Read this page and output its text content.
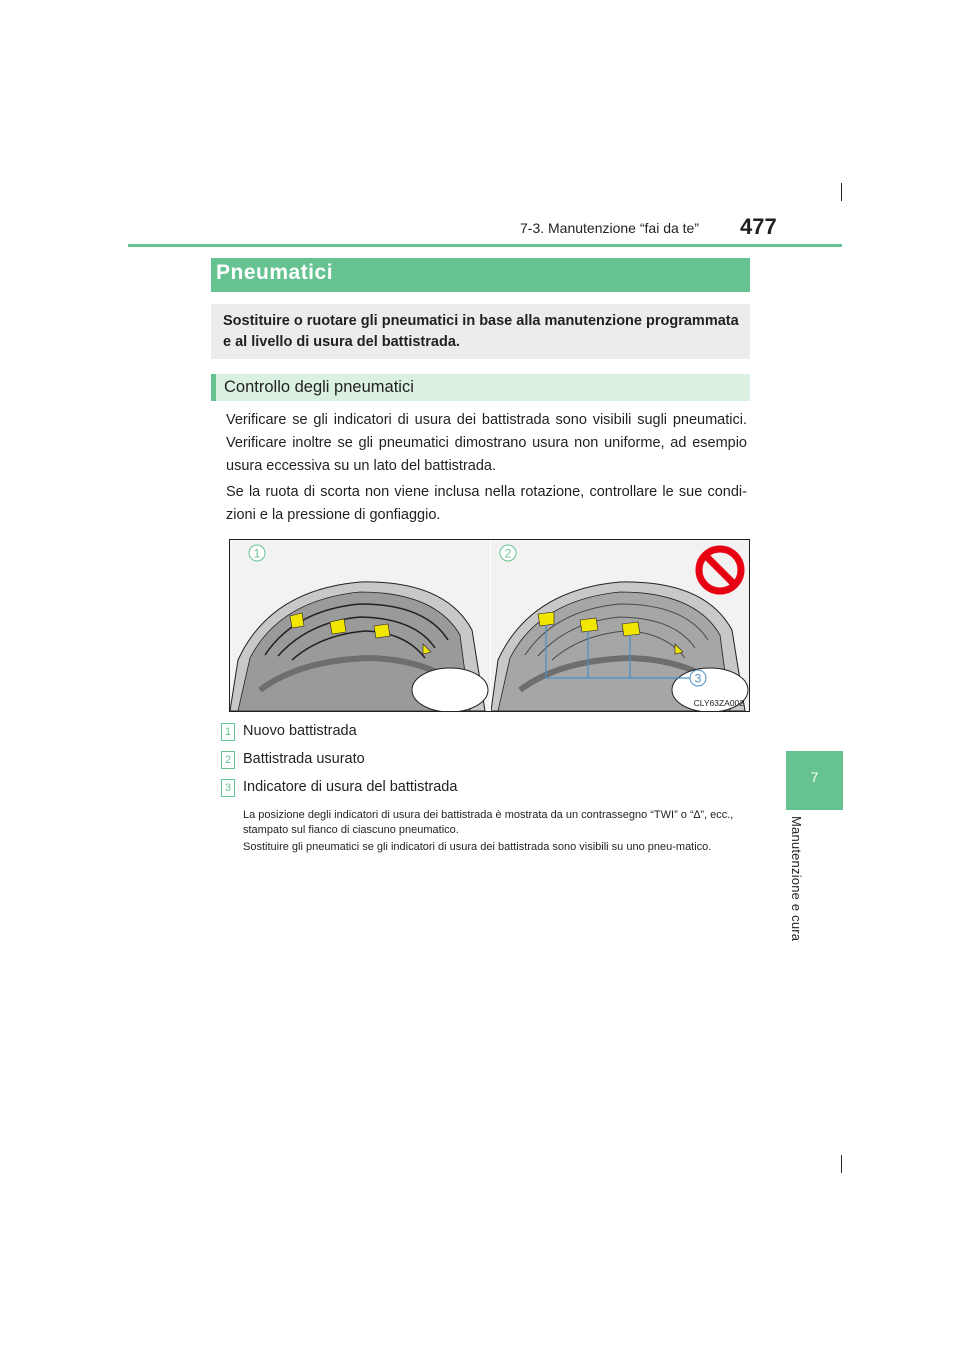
7-3. Manutenzione “fai da te” 477
7
Manutenzione e cura
Pneumatici
Sostituire o ruotare gli pneumatici in base alla manutenzione programmata e al livello di usura del battistrada.
Controllo degli pneumatici
Verificare se gli indicatori di usura dei battistrada sono visibili sugli pneumatici. Verificare inoltre se gli pneumatici dimostrano usura non uniforme, ad esempio usura eccessiva su un lato del battistrada.
Se la ruota di scorta non viene inclusa nella rotazione, controllare le sue condi-zioni e la pressione di gonfiaggio.
1	2
3
CLY63ZA002
1 Nuovo battistrada
2 Battistrada usurato
3 Indicatore di usura del battistrada
La posizione degli indicatori di usura dei battistrada è mostrata da un contrassegno “TWI” o “∆”, ecc., stampato sul fianco di ciascuno pneumatico.
Sostituire gli pneumatici se gli indicatori di usura dei battistrada sono visibili su uno pneu-matico.
